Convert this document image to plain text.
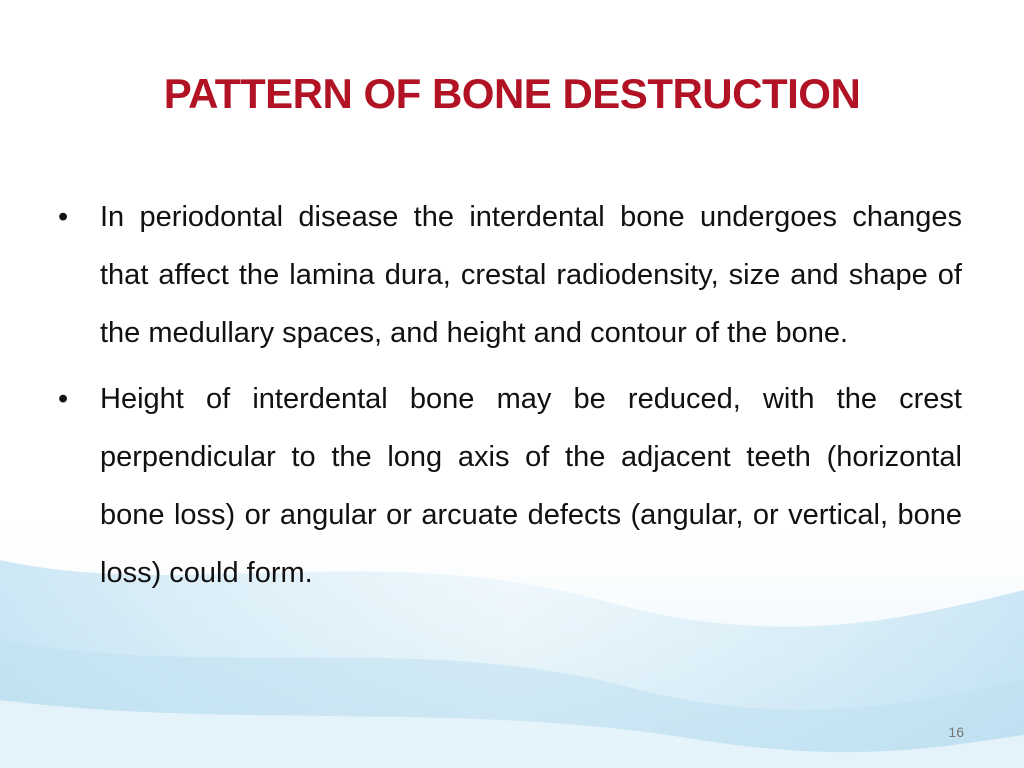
PATTERN OF BONE DESTRUCTION
• In periodontal disease the interdental bone undergoes changes that affect the lamina dura, crestal radiodensity, size and shape of the medullary spaces, and height and contour of the bone.
• Height of interdental bone may be reduced, with the crest perpendicular to the long axis of the adjacent teeth (horizontal bone loss) or angular or arcuate defects (angular, or vertical, bone loss) could form.
16
